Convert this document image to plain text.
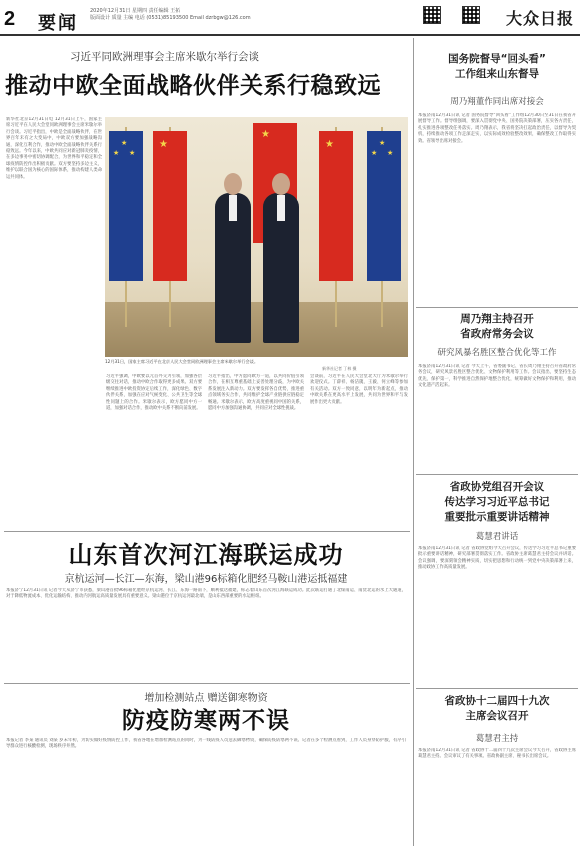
2 要闻
2020年12月31日 星期四 责任编辑 王拓
版面设计 质量 主编 电话 (0531)85193500 Email dzrbgw@126.com	大众日报
习近平同欧洲理事会主席米歇尔举行会谈
推动中欧全面战略伙伴关系行稳致远
新华社北京12月31日电 12月31日上午，国家主席习近平在人民大会堂同欧洲理事会主席米歇尔举行会谈。习近平指出，中欧是全面战略伙伴，在世界百年未有之大变局中，中欧双方要加强战略沟通，深化互利合作，推动中欧全面战略伙伴关系行稳致远。今年以来，中欧共同应对新冠肺炎疫情，在多边事务中密切协调配合，为世界和平稳定和全球疫情防控作出积极贡献。双方要坚持多边主义，维护以联合国为核心的国际体系，推动构建人类命运共同体。
习近平强调，中欧要以元首外交为引领，加强各层级交往对话，推动中欧合作取得更多成果。双方要继续推进中欧投资协定后续工作，深化绿色、数字伙伴关系，加强在应对气候变化、公共卫生等全球性问题上的合作。米歇尔表示，欧方愿同中方一道，加强对话合作，推动欧中关系不断向前发展。
习近平指出，中方愿同欧方一道，以共同价值引领合作，在相互尊重基础上妥善处理分歧，为中欧关系发展注入新动力。双方要发挥各自优势，推进重点领域务实合作，共同维护全球产业链供应链稳定畅通。米歇尔表示，欧方高度重视同中国的关系，愿同中方加强沟通协调，共同应对全球性挑战。
会谈前，习近平在人民大会堂北大厅为米歇尔举行欢迎仪式。丁薛祥、杨洁篪、王毅、何立峰等参加有关活动。双方一致同意，以明年为新起点，推动中欧关系在更高水平上发展，共同为世界和平与发展作出更大贡献。
★
★ ★
★	★	★
★ ★
★
12月31日，国家主席习近平在北京人民大会堂同欧洲理事会主席米歇尔举行会谈。
新华社记者 丁林 摄
山东首次河江海联运成功
京杭运河—长江—东海，梁山港96标箱化肥经马鞍山港运抵福建
本报济宁12月31日讯 记者今天从济宁市获悉，梁山港首批96标箱化肥经京杭运河、长江、东海一路南下，顺利抵达福建，标志着山东首次河江海联运成功。此次联运打通了北煤南运、南货北运的水上大通道，对于降低物流成本、优化运输结构、推动内河航运高质量发展具有重要意义。梁山港位于京杭运河最北端，是山东西部重要的水运枢纽。
增加检测站点 赠送御寒物资
防疫防寒两不误
本报记者 李某 通讯员 刘某 岁末年初，为切实做好疫情防控工作，我省各地在增加检测站点的同时，为一线防疫人员送去御寒物资，确保防疫防寒两不误。记者在多个检测点看到，工作人员身穿防护服，有序引导群众进行核酸检测，现场秩序井然。
国务院督导“回头看”
工作组来山东督导
周乃翔董作同出席对接会
本报济南12月31日讯 记者 国务院督导“回头看”工作组12月30日至31日在我省开展督导工作。督导组强调，要深入贯彻党中央、国务院决策部署，压实各方责任，扎实推进各项整改任务落实。周乃翔表示，我省将坚决扛起政治责任，以督导为契机，持续推动各项工作走深走实，以实际成效检验整改效果，确保整改工作取得实效。省领导出席对接会。
周乃翔主持召开
省政府常务会议
研究风暴名胜区整合优化等工作
本报济南12月31日讯 记者 今天上午，省委副书记、省长周乃翔主持召开省政府常务会议，研究风景名胜区整合优化、文物保护利用等工作。会议指出，要坚持生态优先、保护第一，科学推进自然保护地整合优化，统筹做好文物保护和利用，推动文化遗产活起来。
省政协党组召开会议
传达学习习近平总书记
重要批示重要讲话精神
葛慧君讲话
本报济南12月31日讯 记者 省政协党组今天召开会议，传达学习习近平总书记重要批示重要讲话精神，研究部署贯彻落实工作。省政协主席葛慧君主持会议并讲话。会议强调，要深刻领会精神实质，切实把思想和行动统一到党中央决策部署上来，推动政协工作高质量发展。
省政协十二届四十九次
主席会议召开
葛慧君主持
本报济南12月31日讯 记者 省政协十二届四十九次主席会议今天召开，省政协主席葛慧君主持。会议审议了有关事项。省政协副主席、秘书长出席会议。
